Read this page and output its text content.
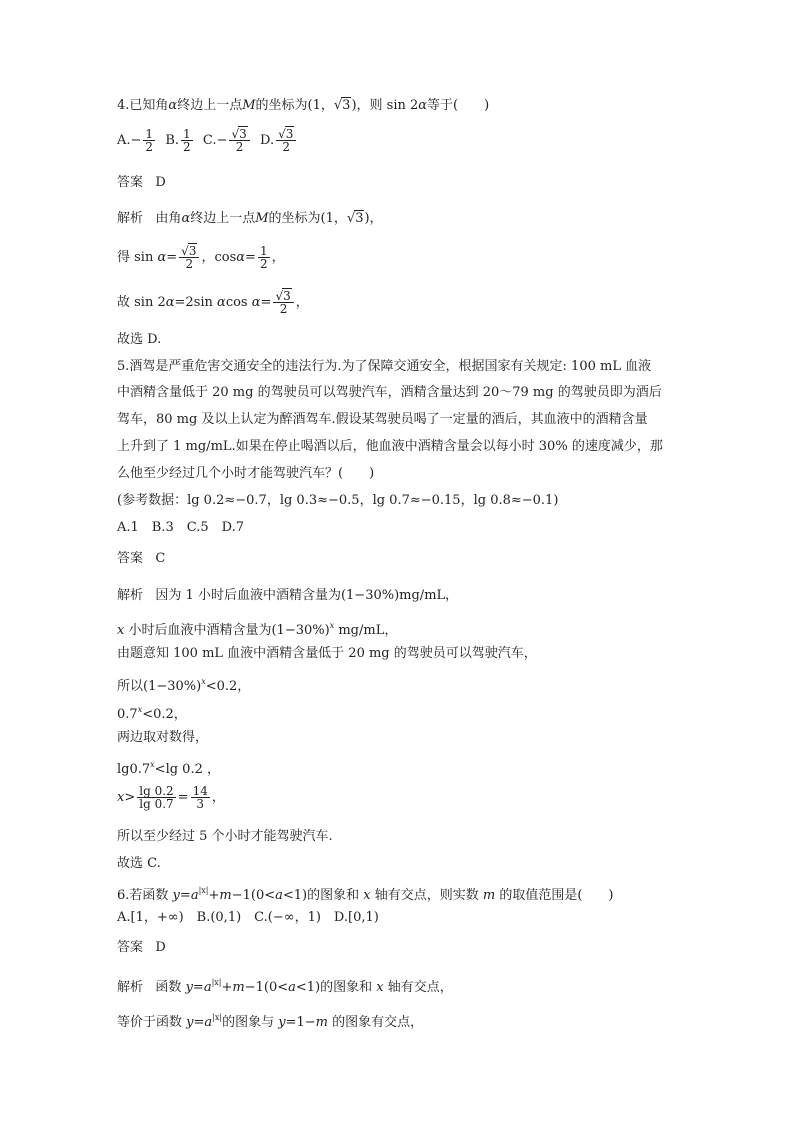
4.已知角α终边上一点M的坐标为(1，√3)，则 sin 2α等于( )
$A.- \frac{1}{2} B$. $\frac{1}{2} C.- \frac{√3}{2} D$. $\frac{√3}{2}$
答案 D
解析 由角α终边上一点M的坐标为(1，√3)，
得 $\sin \alpha= \frac{√3}{2}$ ，$\cos\alpha= \frac{1}{2}$ ，
故 sin 2α=2sin αcos $\alpha= \frac{√3}{2}$ ，
故选 D.
5.酒驾是严重危害交通安全的违法行为.为了保障交通安全，根据国家有关规定: 100 mL 血液
中酒精含量低于 20 mg 的驾驶员可以驾驶汽车，酒精含量达到 20～79 mg 的驾驶员即为酒后
驾车，80 mg 及以上认定为醉酒驾车.假设某驾驶员喝了一定量的酒后，其血液中的酒精含量
上升到了 1 mg/mL.如果在停止喝酒以后，他血液中酒精含量会以每小时 30% 的速度减少，那
么他至少经过几个小时才能驾驶汽车？(　　)
(参考数据：lg 0.2≈−0.7，lg 0.3≈−0.5，lg 0.7≈−0.15，lg 0.8≈−0.1)
A.1　B.3　C.5　D.7
答案 C
解析 因为 1 小时后血液中酒精含量为(1−30%)mg/mL，
x 小时后血液中酒精含量为$(1-30\%)^x$ mg/mL，
由题意知 100 mL 血液中酒精含量低于 20 mg 的驾驶员可以驾驶汽车，
所以$(1-30\%)^x<0.2$，
$0.7^x<0.2$，
两边取对数得，
$\lg 0.7^x<\lg$ 0.2 ，
$x> \frac{\lg 0.2}{\lg 0.7} = \frac{14}{3}$ ，
所以至少经过 5 个小时才能驾驶汽车.
故选 C.
6.若函数 $y=a^{|x|}+m-1(0<a<1)$的图象和 x 轴有交点，则实数 m 的取值范围是(　　)
A.[1，+∞)　B.(0,1)　C.(−∞，1)　D.[0,1)
答案 D
解析 函数 $y=a^{|x|}+m-1(0<a<1)$的图象和 x 轴有交点，
等价于函数 $y=a^{|x|}$的图象与 y=1−m 的图象有交点，
